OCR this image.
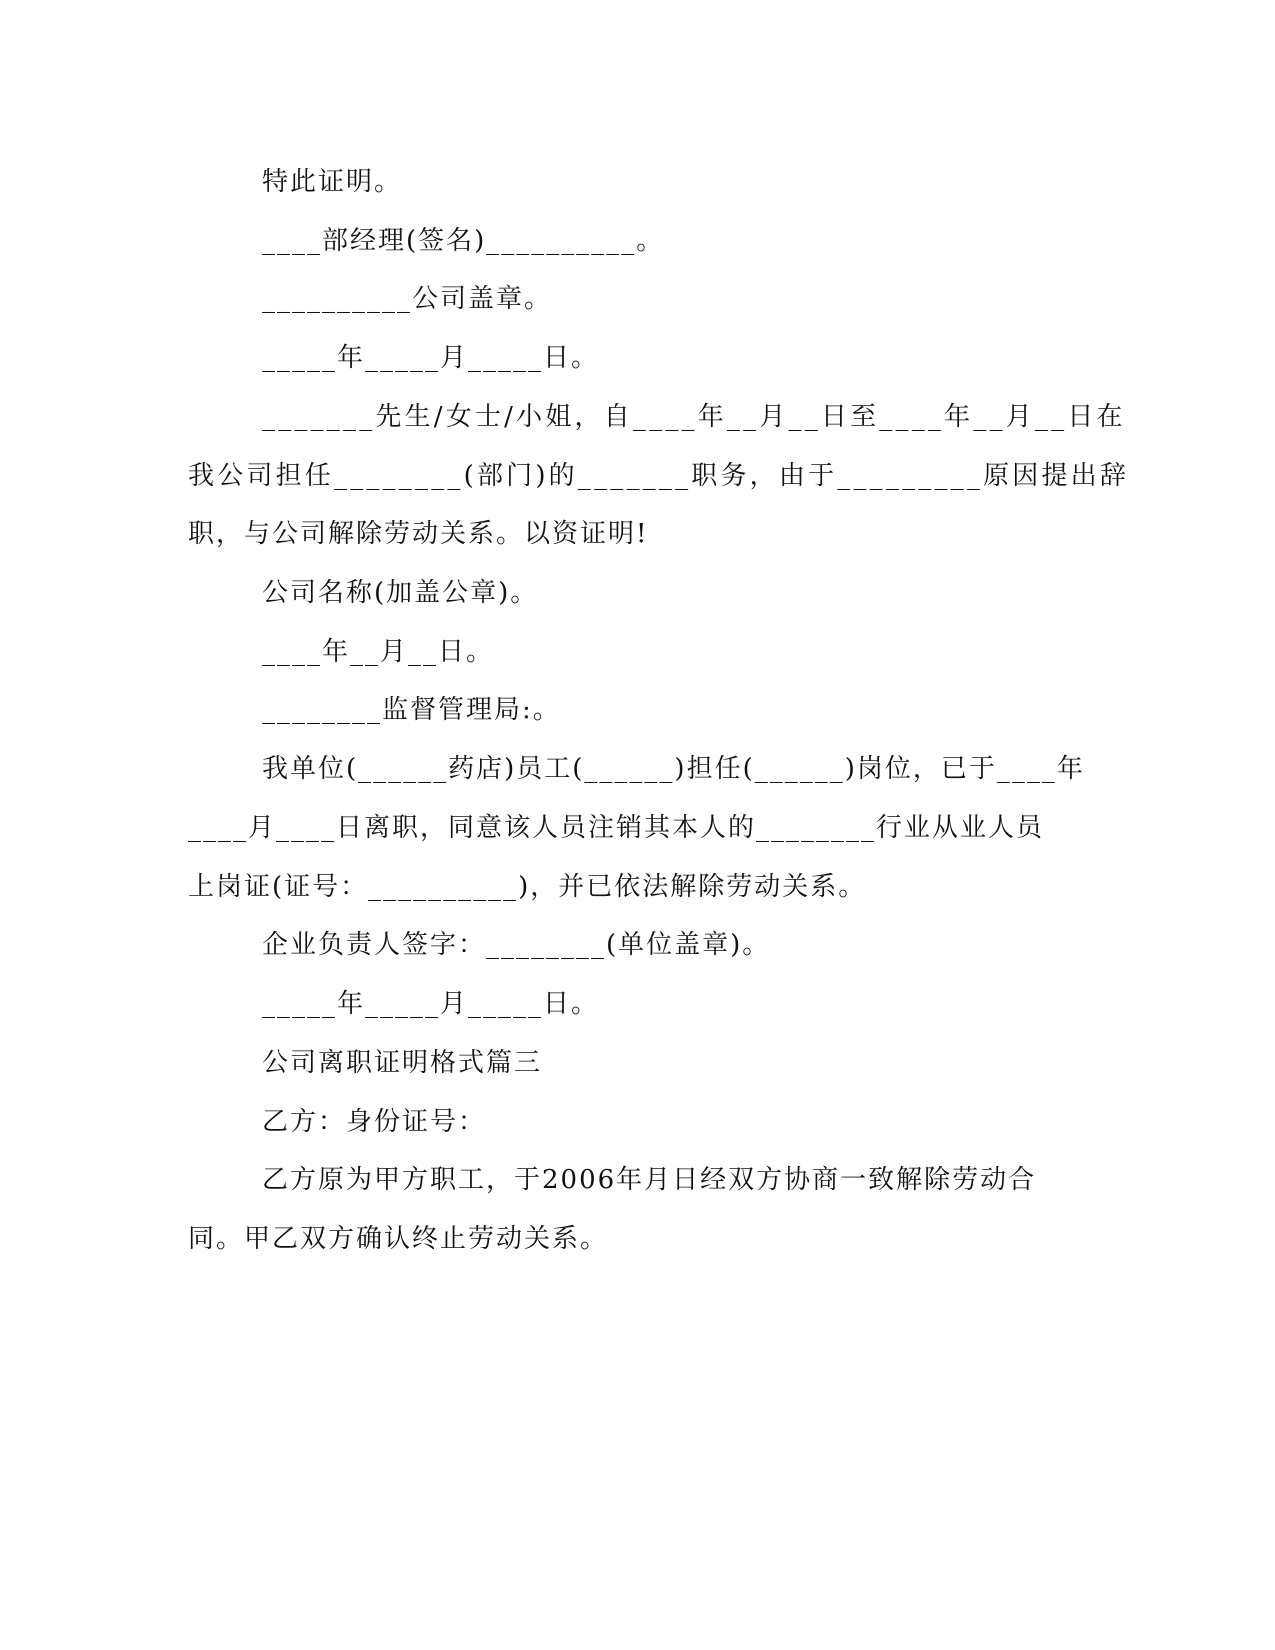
特此证明。
____部经理(签名)__________。
__________公司盖章。
_____年_____月_____日。
_______先生/女士/小姐，自____年__月__日至____年__月__日在
我公司担任________(部门)的_______职务，由于_________原因提出辞
职，与公司解除劳动关系。以资证明!
公司名称(加盖公章)。
____年__月__日。
________监督管理局:。
我单位(______药店)员工(______)担任(______)岗位，已于____年
____月____日离职，同意该人员注销其本人的________行业从业人员
上岗证(证号：__________)，并已依法解除劳动关系。
企业负责人签字：________(单位盖章)。
_____年_____月_____日。
公司离职证明格式篇三
乙方：身份证号：
乙方原为甲方职工，于2006年月日经双方协商一致解除劳动合
同。甲乙双方确认终止劳动关系。
